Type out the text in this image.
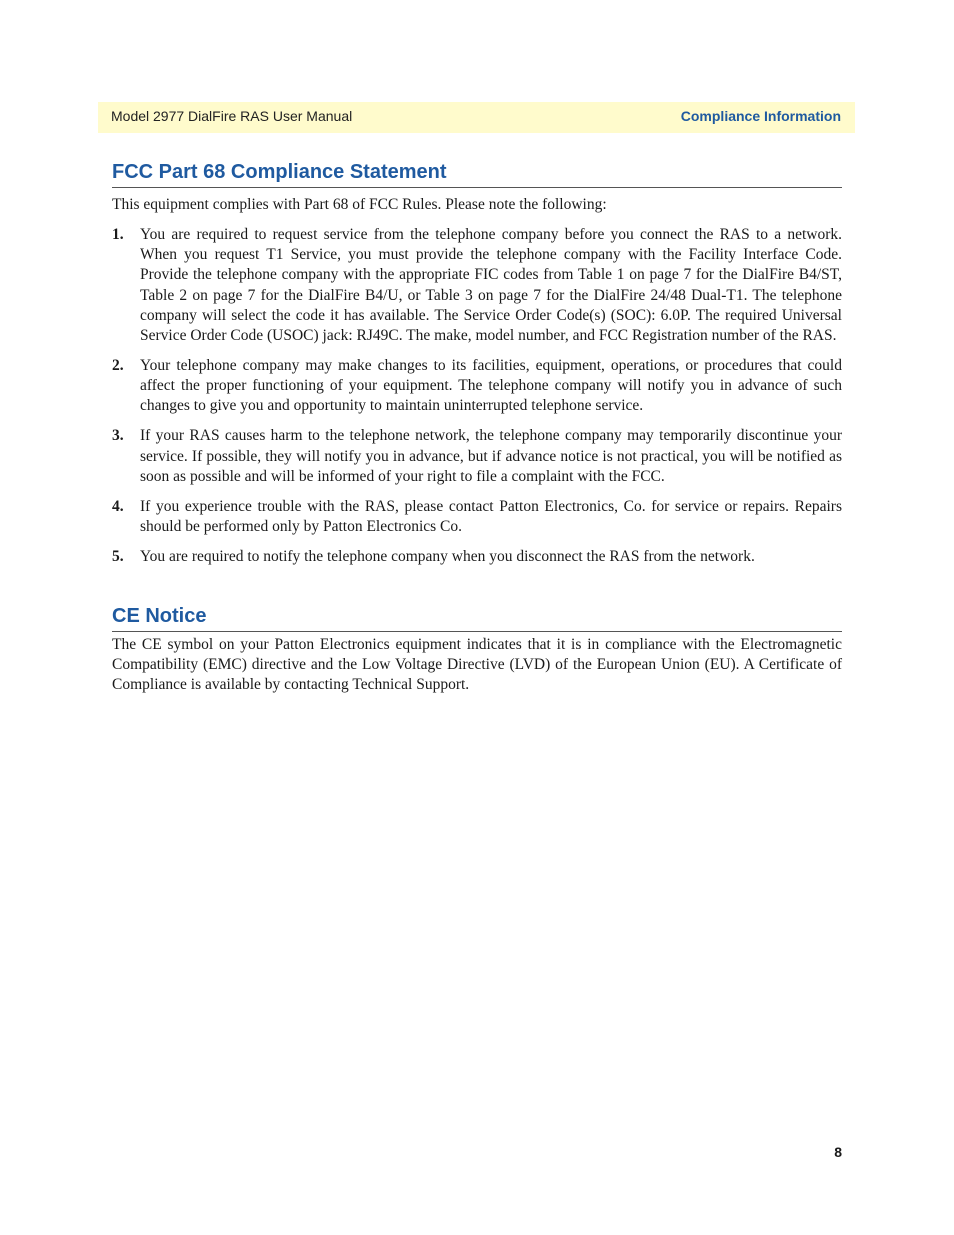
Model 2977 DialFire RAS User Manual	Compliance Information
FCC Part 68 Compliance Statement

This equipment complies with Part 68 of FCC Rules. Please note the following:

1. You are required to request service from the telephone company before you connect the RAS to a network. When you request T1 Service, you must provide the telephone company with the Facility Interface Code. Provide the telephone company with the appropriate FIC codes from Table 1 on page 7 for the DialFire B4/ST, Table 2 on page 7 for the DialFire B4/U, or Table 3 on page 7 for the DialFire 24/48 Dual-T1. The telephone company will select the code it has available. The Service Order Code(s) (SOC): 6.0P. The required Universal Service Order Code (USOC) jack: RJ49C. The make, model number, and FCC Registration number of the RAS.
2. Your telephone company may make changes to its facilities, equipment, operations, or procedures that could affect the proper functioning of your equipment. The telephone company will notify you in advance of such changes to give you and opportunity to maintain uninterrupted telephone service.
3. If your RAS causes harm to the telephone network, the telephone company may temporarily discontinue your service. If possible, they will notify you in advance, but if advance notice is not practical, you will be notified as soon as possible and will be informed of your right to file a complaint with the FCC.
4. If you experience trouble with the RAS, please contact Patton Electronics, Co. for service or repairs. Repairs should be performed only by Patton Electronics Co.
5. You are required to notify the telephone company when you disconnect the RAS from the network.
CE Notice

The CE symbol on your Patton Electronics equipment indicates that it is in compliance with the Electromagnetic Compatibility (EMC) directive and the Low Voltage Directive (LVD) of the European Union (EU). A Certificate of Compliance is available by contacting Technical Support.

8
